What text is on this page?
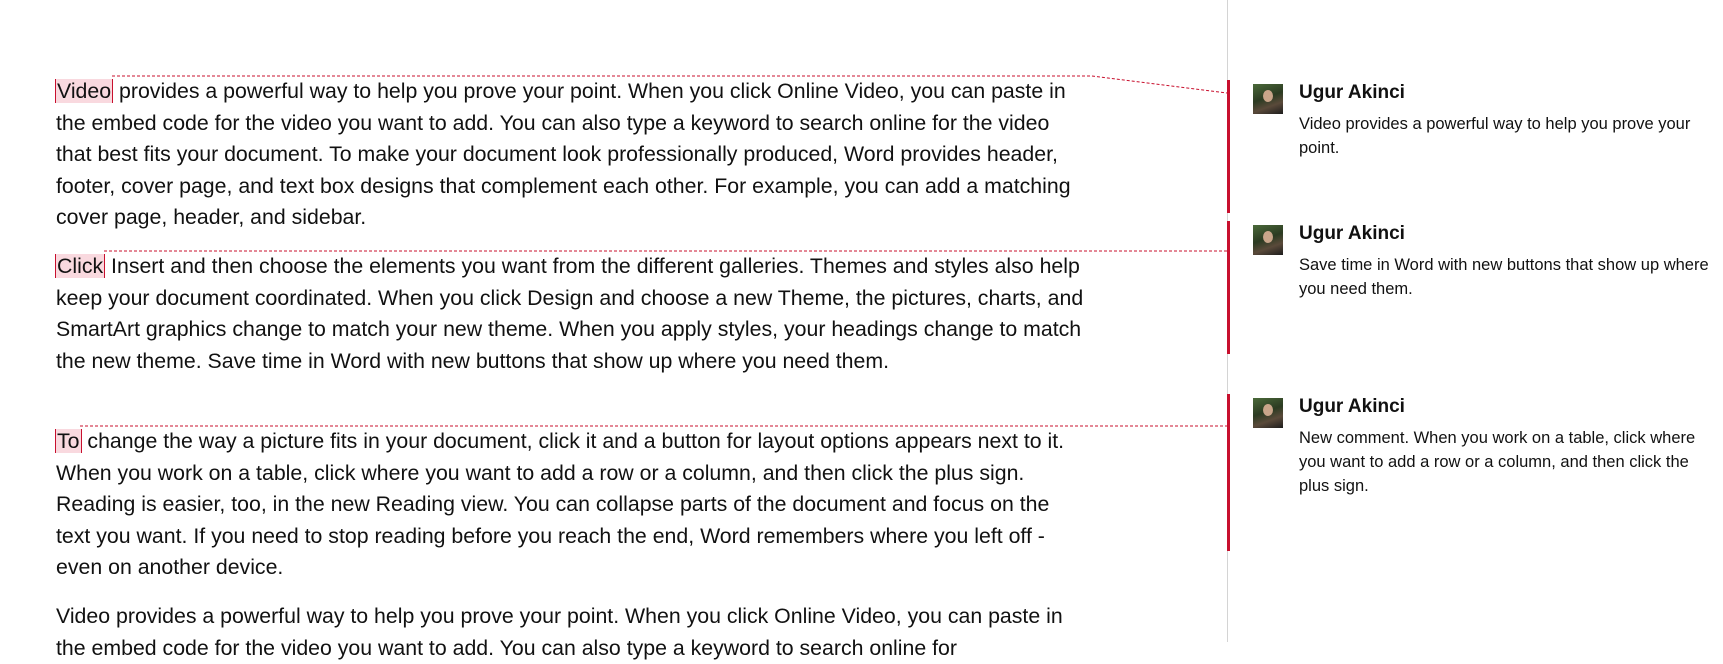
Video provides a powerful way to help you prove your point. When you click Online Video, you can paste in the embed code for the video you want to add. You can also type a keyword to search online for the video that best fits your document. To make your document look professionally produced, Word provides header, footer, cover page, and text box designs that complement each other. For example, you can add a matching cover page, header, and sidebar.

Click Insert and then choose the elements you want from the different galleries. Themes and styles also help keep your document coordinated. When you click Design and choose a new Theme, the pictures, charts, and SmartArt graphics change to match your new theme. When you apply styles, your headings change to match the new theme. Save time in Word with new buttons that show up where you need them.

To change the way a picture fits in your document, click it and a button for layout options appears next to it. When you work on a table, click where you want to add a row or a column, and then click the plus sign. Reading is easier, too, in the new Reading view. You can collapse parts of the document and focus on the text you want. If you need to stop reading before you reach the end, Word remembers where you left off - even on another device.

Video provides a powerful way to help you prove your point. When you click Online Video, you can paste in the embed code for the video you want to add. You can also type a keyword to search online for

Ugur Akinci
Video provides a powerful way to help you prove your point.
Ugur Akinci
Save time in Word with new buttons that show up where you need them.
Ugur Akinci
New comment. When you work on a table, click where you want to add a row or a column, and then click the plus sign.
